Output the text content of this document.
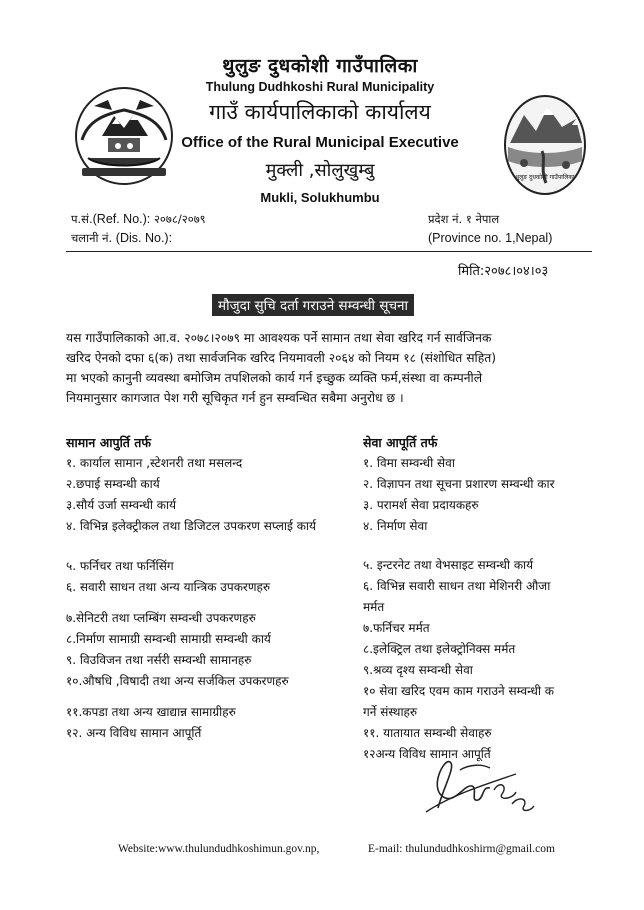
थुलुङ दुधकोशी गाउँपालिका
Thulung Dudhkoshi Rural Municipality
गाउँ कार्यपालिकाको कार्यालय
Office of the Rural Municipal Executive
मुक्ली ,सोलुखुम्बु
Mukli, Solukhumbu
थुलुङ दुधकोशी गाउँपालिका
प.सं.(Ref. No.): २०७८/२०७९
चलानी नं. (Dis. No.):
प्रदेश नं. १ नेपाल
(Province no. 1,Nepal)
मिति:२०७८।०४।०३
मौजुदा सुचि दर्ता गराउने सम्वन्धी सूचना
यस गाउँपालिकाको आ.व. २०७८।२०७९ मा आवश्यक पर्ने सामान तथा सेवा खरिद गर्न सार्वजिनक
खरिद ऐनको दफा ६(क) तथा सार्वजनिक खरिद नियमावली २०६४ को नियम १८ (संशोधित सहित)
मा भएको कानुनी व्यवस्था बमोजिम तपशिलको कार्य गर्न इच्छुक व्यक्ति फर्म,संस्था वा कम्पनीले
नियमानुसार कागजात पेश गरी सूचिकृत गर्न हुन सम्वन्धित सबैमा अनुरोध छ ।
सामान आपुर्ति तर्फ
१. कार्याल सामान ,स्टेशनरी तथा मसलन्द
२.छपाई सम्वन्धी कार्य
३.सौर्य उर्जा सम्वन्धी कार्य
४. विभिन्न इलेक्ट्रीकल तथा डिजिटल उपकरण सप्लाई कार्य
५. फर्निचर तथा फर्निसिंग
६. सवारी साधन तथा अन्य यान्त्रिक उपकरणहरु
७.सेनिटरी तथा प्लम्बिंग सम्वन्धी उपकरणहरु
८.निर्माण सामाग्री सम्वन्धी सामाग्री सम्वन्धी कार्य
९. विउविजन तथा नर्सरी सम्वन्धी सामानहरु
१०.औषधि ,विषादी तथा अन्य सर्जकिल उपकरणहरु
११.कपडा तथा अन्य खाद्यान्न सामाग्रीहरु
१२. अन्य विविध सामान आपूर्ति
सेवा आपूर्ति तर्फ
१. विमा सम्वन्धी सेवा
२. विज्ञापन तथा सूचना प्रशारण सम्वन्धी कार
३. परामर्श सेवा प्रदायकहरु
४. निर्माण सेवा
५. इन्टरनेट तथा वेभसाइट सम्वन्धी कार्य
६. विभिन्न सवारी साधन तथा मेशिनरी औजा
मर्मत
७.फर्निचर मर्मत
८.इलेक्ट्रिल तथा इलेक्ट्रोनिक्स मर्मत
९.श्रव्य दृश्य सम्वन्धी सेवा
१० सेवा खरिद एवम काम गराउने सम्वन्धी क
गर्ने संस्थाहरु
११. यातायात सम्वन्धी सेवाहरु
१२अन्य विविध सामान आपूर्ति
Website:www.thulundudhkoshimun.gov.np,	E-mail: thulundudhkoshirm@gmail.com
